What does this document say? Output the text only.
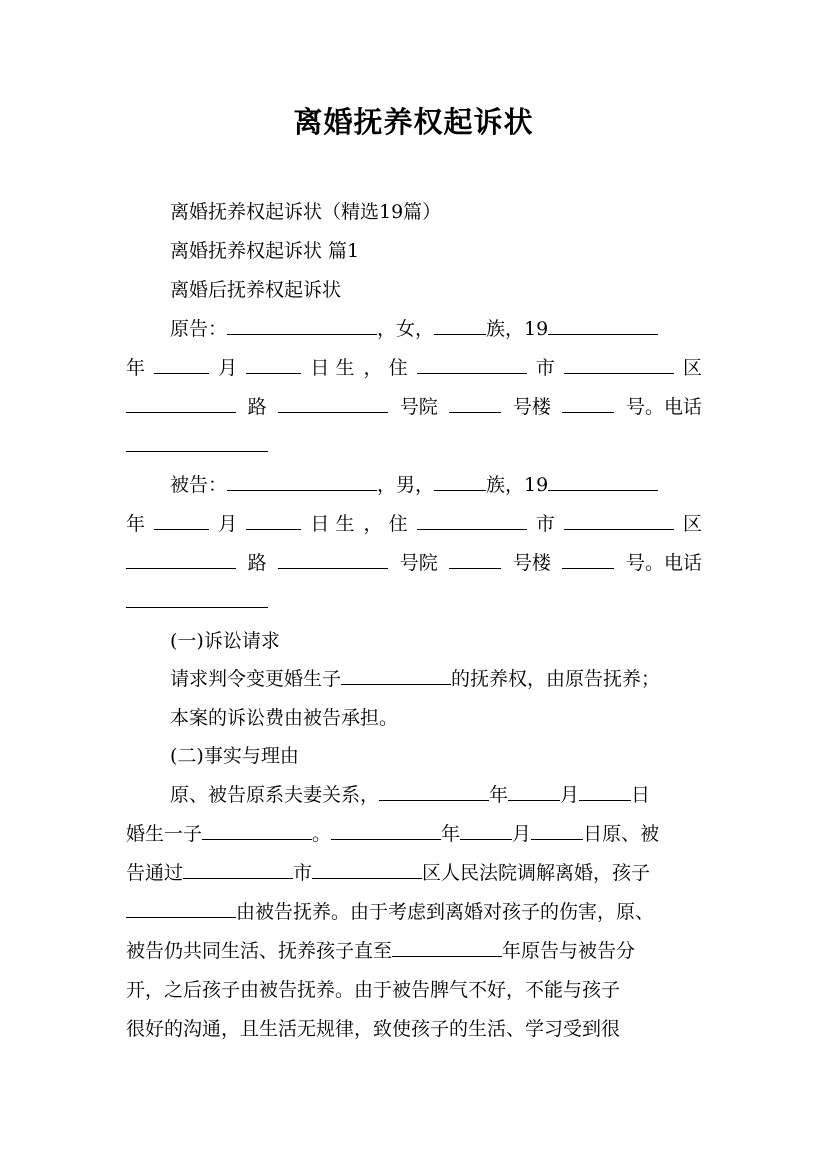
离婚抚养权起诉状
离婚抚养权起诉状（精选19篇）
离婚抚养权起诉状 篇1
离婚后抚养权起诉状
原告：	，女，	族，19
年	月	日 生 ， 住	市	区
路	号院	号楼	号。电话
被告：	，男，	族，19
年	月	日 生 ， 住	市	区
路	号院	号楼	号。电话
(一)诉讼请求
请求判令变更婚生子	的抚养权，由原告抚养；
本案的诉讼费由被告承担。
(二)事实与理由
原、被告原系夫妻关系，	年	月	日
婚生一子	。	年	月	日原、被
告通过	市	区人民法院调解离婚，孩子
由被告抚养。由于考虑到离婚对孩子的伤害，原、
被告仍共同生活、抚养孩子直至	年原告与被告分
开，之后孩子由被告抚养。由于被告脾气不好，不能与孩子
很好的沟通，且生活无规律，致使孩子的生活、学习受到很
